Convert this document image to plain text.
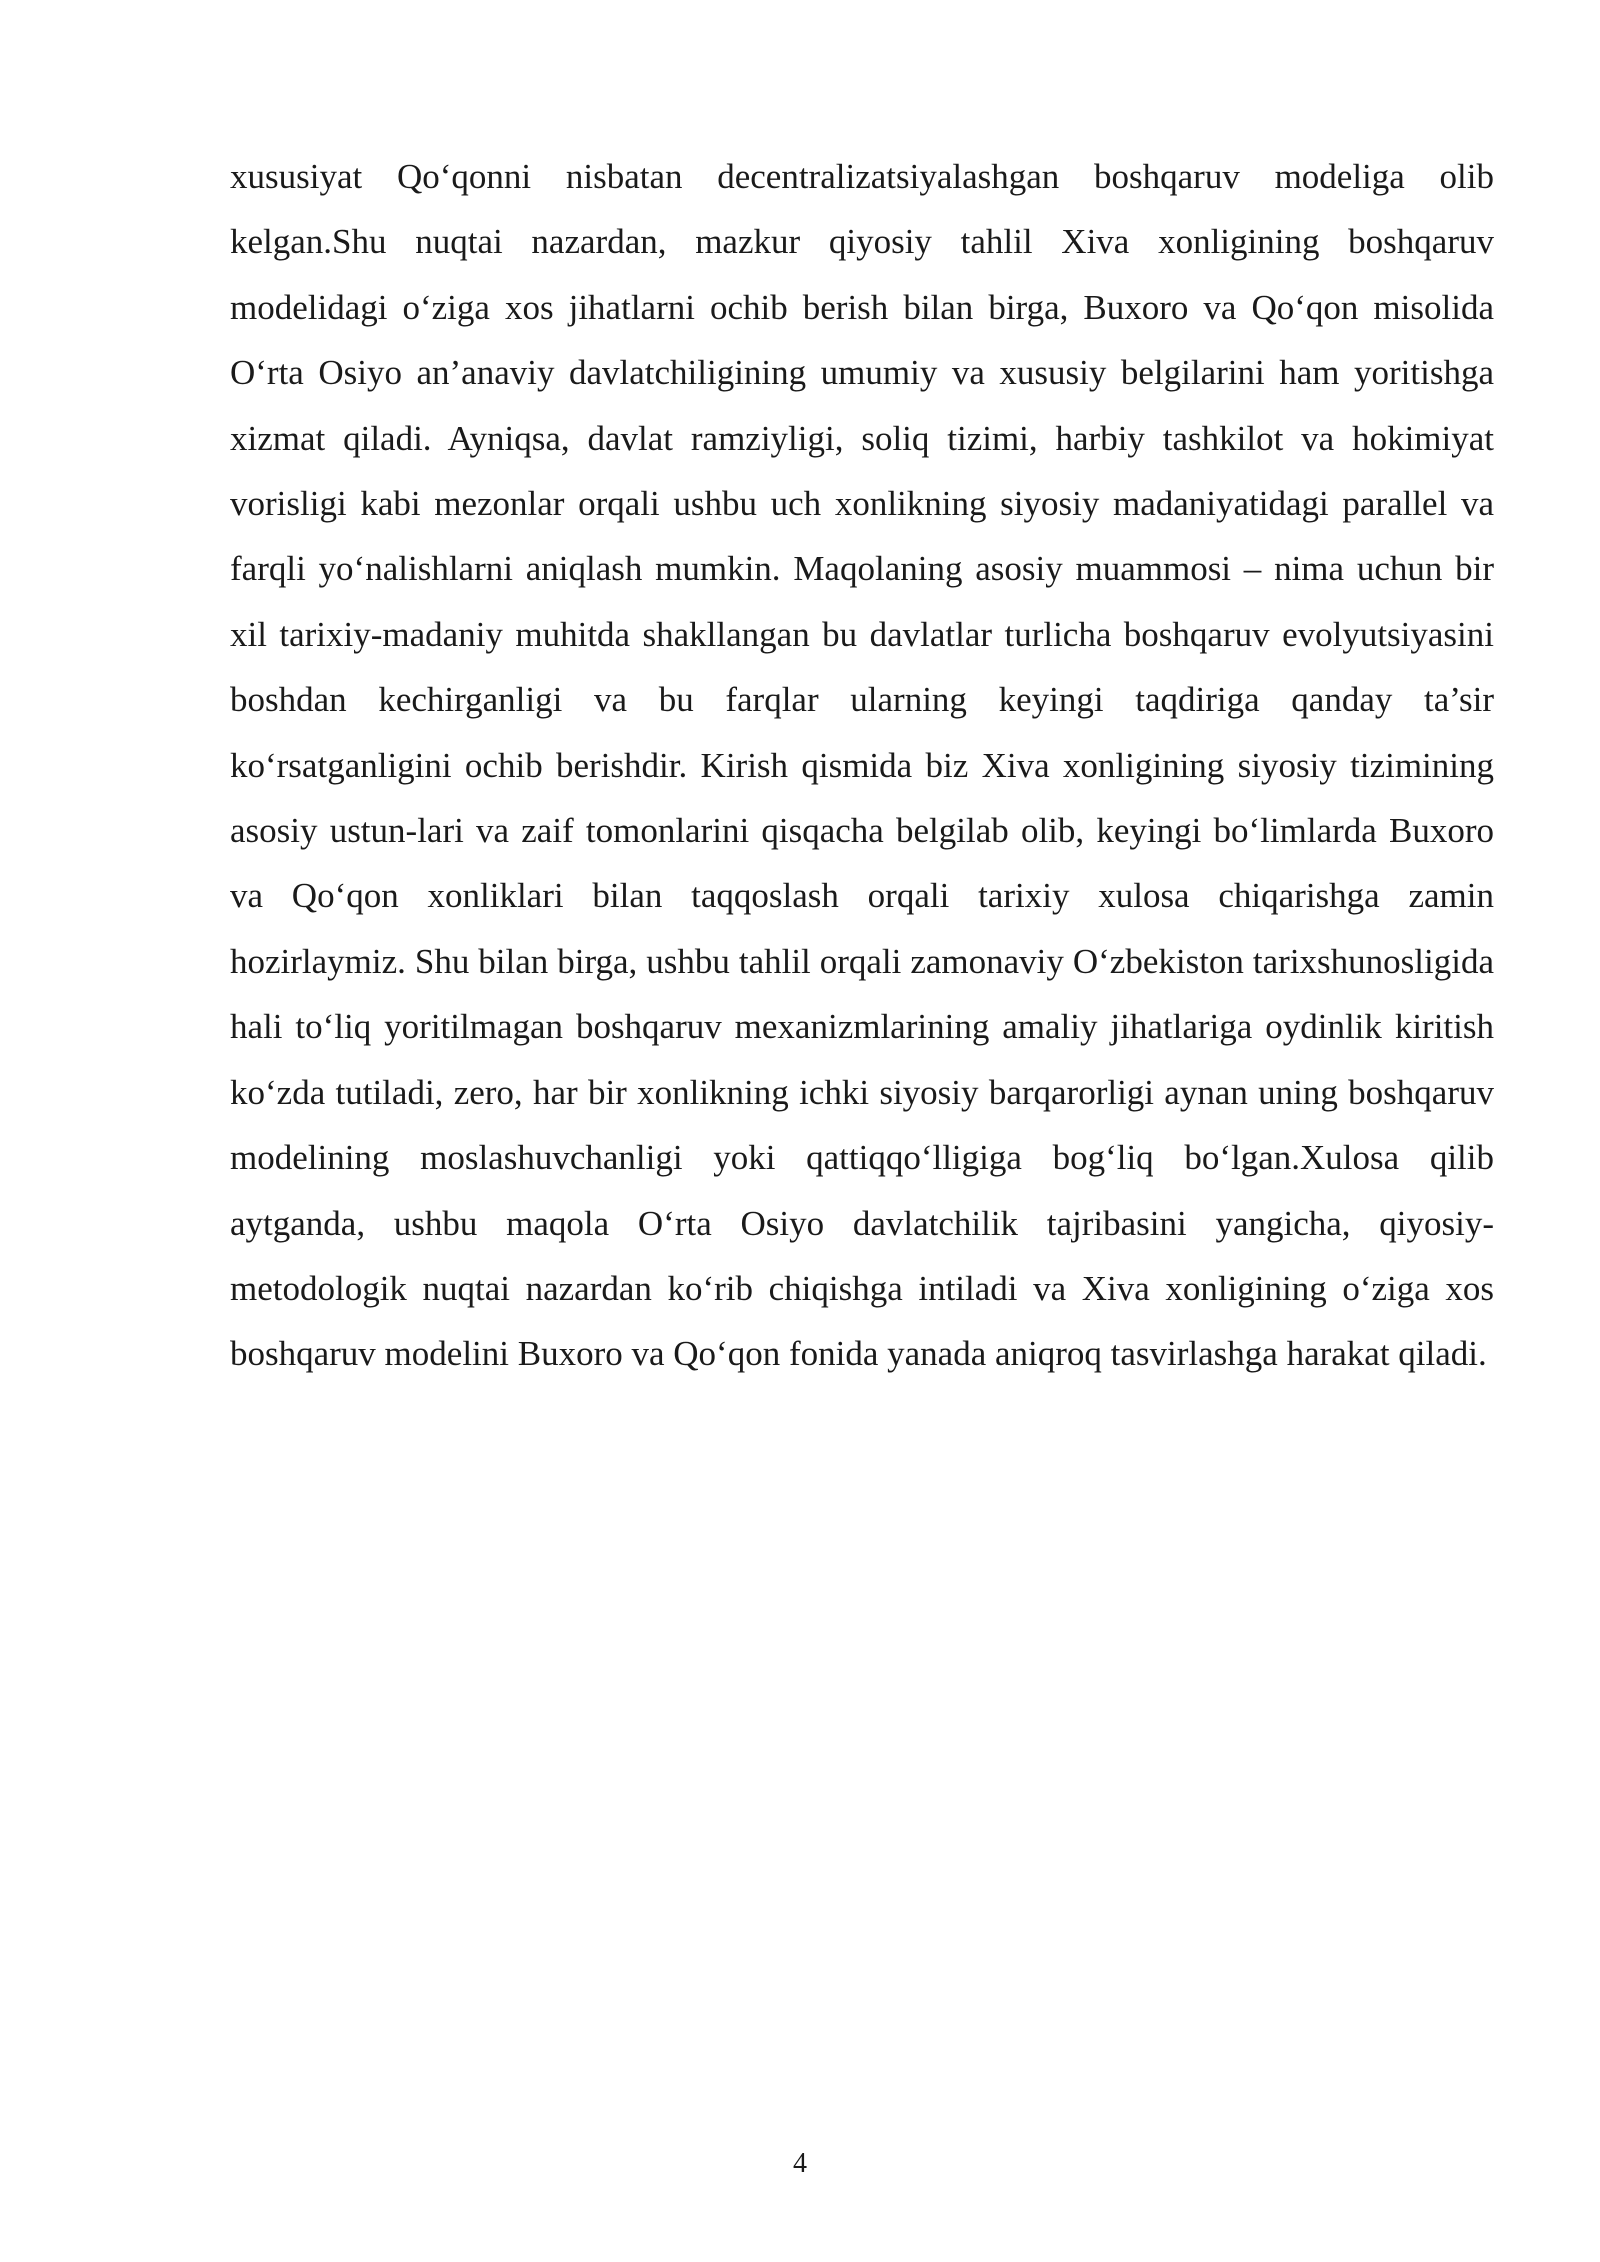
xususiyat Qo‘qonni nisbatan decentralizatsiyalashgan boshqaruv modeliga olib kelgan.Shu nuqtai nazardan, mazkur qiyosiy tahlil Xiva xonligining boshqaruv modelidagi o‘ziga xos jihatlarni ochib berish bilan birga, Buxoro va Qo‘qon misolida O‘rta Osiyo an’anaviy davlatchiligining umumiy va xususiy belgilarini ham yoritishga xizmat qiladi. Ayniqsa, davlat ramziyligi, soliq tizimi, harbiy tashkilot va hokimiyat vorisligi kabi mezonlar orqali ushbu uch xonlikning siyosiy madaniyatidagi parallel va farqli yo‘nalishlarni aniqlash mumkin. Maqolaning asosiy muammosi – nima uchun bir xil tarixiy-madaniy muhitda shakllangan bu davlatlar turlicha boshqaruv evolyutsiyasini boshdan kechirganligi va bu farqlar ularning keyingi taqdiriga qanday ta’sir ko‘rsatganligini ochib berishdir. Kirish qismida biz Xiva xonligining siyosiy tizimining asosiy ustun-lari va zaif tomonlarini qisqacha belgilab olib, keyingi bo‘limlarda Buxoro va Qo‘qon xonliklari bilan taqqoslash orqali tarixiy xulosa chiqarishga zamin hozirlaymiz. Shu bilan birga, ushbu tahlil orqali zamonaviy O‘zbekiston tarixshunosligida hali to‘liq yoritilmagan boshqaruv mexanizmlarining amaliy jihatlariga oydinlik kiritish ko‘zda tutiladi, zero, har bir xonlikning ichki siyosiy barqarorligi aynan uning boshqaruv modelining moslashuvchanligi yoki qattiqqo‘lligiga bog‘liq bo‘lgan.Xulosa qilib aytganda, ushbu maqola O‘rta Osiyo davlatchilik tajribasini yangicha, qiyosiy-metodologik nuqtai nazardan ko‘rib chiqishga intiladi va Xiva xonligining o‘ziga xos boshqaruv modelini Buxoro va Qo‘qon fonida yanada aniqroq tasvirlashga harakat qiladi.

4
